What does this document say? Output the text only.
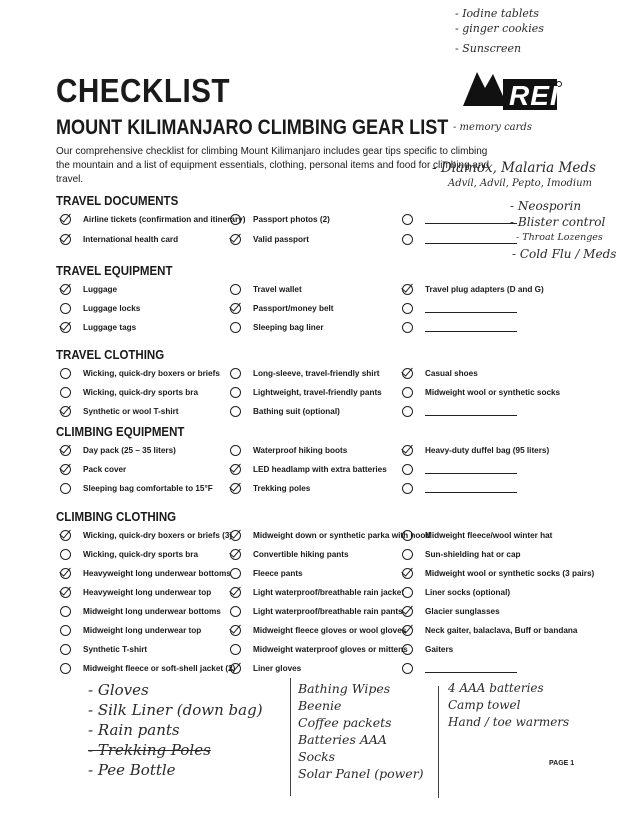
- Iodine tablets
- ginger cookies
- Sunscreen
CHECKLIST	REI
MOUNT KILIMANJARO CLIMBING GEAR LIST - memory cards
Our comprehensive checklist for climbing Mount Kilimanjaro includes gear tips specific to climbing the mountain and a list of equipment essentials, clothing, personal items and food for climbing and travel.
- Diamox, Malaria Meds
Advil, Advil, Pepto, Imodium
- Neosporin
- Blister control
- Throat Lozenges
- Cold Flu / Meds
TRAVEL DOCUMENTS
Airline tickets (confirmation and itinerary)
International health card
Passport photos (2)
Valid passport
TRAVEL EQUIPMENT
Luggage
Luggage locks
Luggage tags
Travel wallet
Passport/money belt
Sleeping bag liner
Travel plug adapters (D and G)
TRAVEL CLOTHING
Wicking, quick-dry boxers or briefs
Wicking, quick-dry sports bra
Synthetic or wool T-shirt
Long-sleeve, travel-friendly shirt
Lightweight, travel-friendly pants
Bathing suit (optional)
Casual shoes
Midweight wool or synthetic socks
CLIMBING EQUIPMENT
Day pack (25 – 35 liters)
Pack cover
Sleeping bag comfortable to 15°F
Waterproof hiking boots
LED headlamp with extra batteries
Trekking poles
Heavy-duty duffel bag (95 liters)
CLIMBING CLOTHING
Wicking, quick-dry boxers or briefs (3)
Wicking, quick-dry sports bra
Heavyweight long underwear bottoms
Heavyweight long underwear top
Midweight long underwear bottoms
Midweight long underwear top
Synthetic T-shirt
Midweight fleece or soft-shell jacket (2)
Midweight down or synthetic parka with hood
Convertible hiking pants
Fleece pants
Light waterproof/breathable rain jacket
Light waterproof/breathable rain pants
Midweight fleece gloves or wool gloves
Midweight waterproof gloves or mittens
Liner gloves
Midweight fleece/wool winter hat
Sun-shielding hat or cap
Midweight wool or synthetic socks (3 pairs)
Liner socks (optional)
Glacier sunglasses
Neck gaiter, balaclava, Buff or bandana
Gaiters
- Gloves
- Silk Liner (down bag)
- Rain pants
- Trekking Poles
- Pee Bottle
Bathing Wipes
Beenie
Coffee packets
Batteries AAA
Socks
Solar Panel (power)
4 AAA batteries
Camp towel
Hand / toe warmers
PAGE 1
